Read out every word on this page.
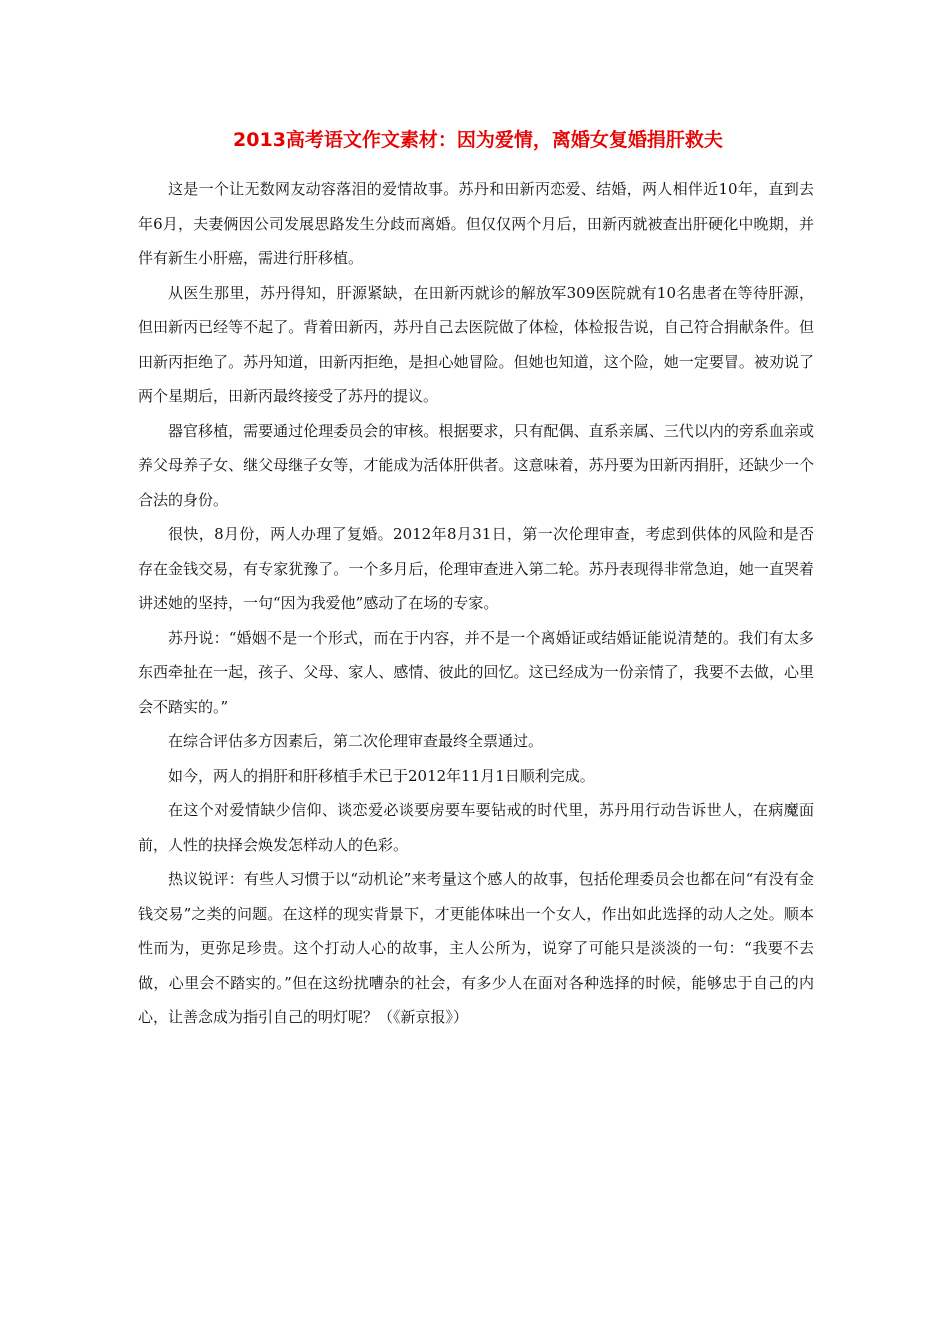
2013高考语文作文素材：因为爱情，离婚女复婚捐肝救夫

这是一个让无数网友动容落泪的爱情故事。苏丹和田新丙恋爱、结婚，两人相伴近10年，直到去年6月，夫妻俩因公司发展思路发生分歧而离婚。但仅仅两个月后，田新丙就被查出肝硬化中晚期，并伴有新生小肝癌，需进行肝移植。

从医生那里，苏丹得知，肝源紧缺，在田新丙就诊的解放军309医院就有10名患者在等待肝源，但田新丙已经等不起了。背着田新丙，苏丹自己去医院做了体检，体检报告说，自己符合捐献条件。但田新丙拒绝了。苏丹知道，田新丙拒绝，是担心她冒险。但她也知道，这个险，她一定要冒。被劝说了两个星期后，田新丙最终接受了苏丹的提议。

器官移植，需要通过伦理委员会的审核。根据要求，只有配偶、直系亲属、三代以内的旁系血亲或养父母养子女、继父母继子女等，才能成为活体肝供者。这意味着，苏丹要为田新丙捐肝，还缺少一个合法的身份。

很快，8月份，两人办理了复婚。2012年8月31日，第一次伦理审查，考虑到供体的风险和是否存在金钱交易，有专家犹豫了。一个多月后，伦理审查进入第二轮。苏丹表现得非常急迫，她一直哭着讲述她的坚持，一句“因为我爱他”感动了在场的专家。

苏丹说：“婚姻不是一个形式，而在于内容，并不是一个离婚证或结婚证能说清楚的。我们有太多东西牵扯在一起，孩子、父母、家人、感情、彼此的回忆。这已经成为一份亲情了，我要不去做，心里会不踏实的。”

在综合评估多方因素后，第二次伦理审查最终全票通过。

如今，两人的捐肝和肝移植手术已于2012年11月1日顺利完成。

在这个对爱情缺少信仰、谈恋爱必谈要房要车要钻戒的时代里，苏丹用行动告诉世人，在病魔面前，人性的抉择会焕发怎样动人的色彩。

热议锐评：有些人习惯于以“动机论”来考量这个感人的故事，包括伦理委员会也都在问“有没有金钱交易”之类的问题。在这样的现实背景下，才更能体味出一个女人，作出如此选择的动人之处。顺本性而为，更弥足珍贵。这个打动人心的故事，主人公所为，说穿了可能只是淡淡的一句：“我要不去做，心里会不踏实的。”但在这纷扰嘈杂的社会，有多少人在面对各种选择的时候，能够忠于自己的内心，让善念成为指引自己的明灯呢？（《新京报》）
